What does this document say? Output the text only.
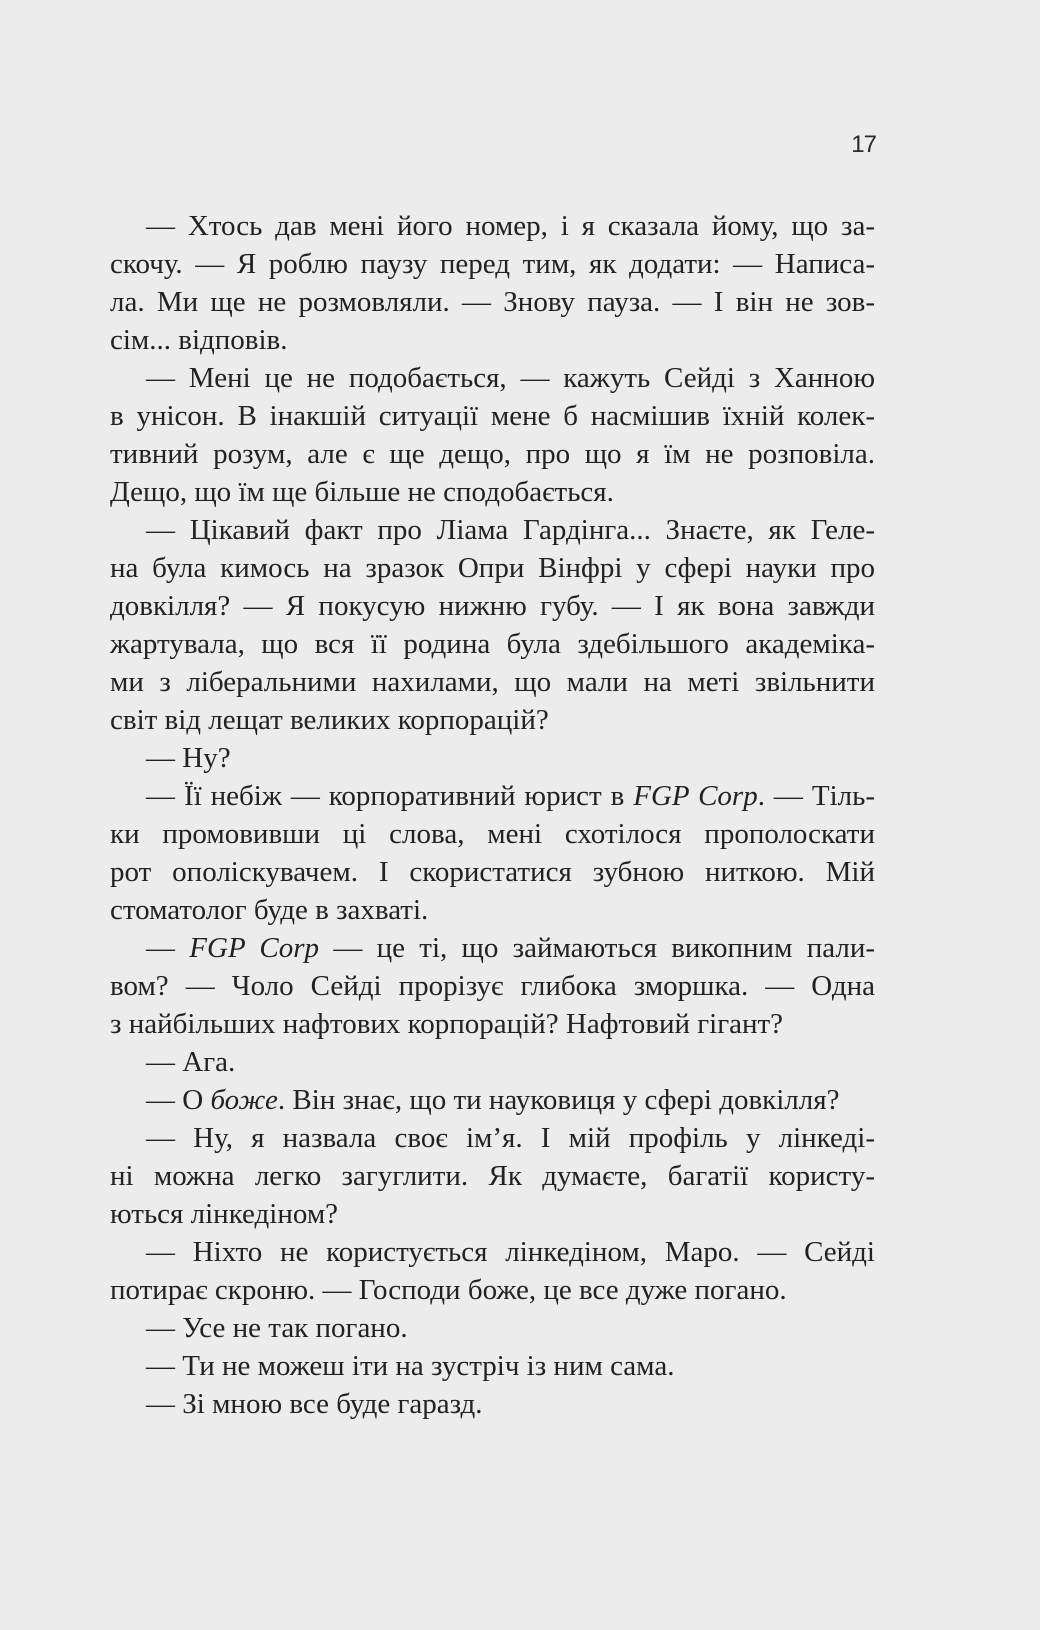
17
— Хтось дав мені його номер, і я сказала йому, що за-
скочу. — Я роблю паузу перед тим, як додати: — Написа-
ла. Ми ще не розмовляли. — Знову пауза. — І він не зов-
сім... відповів.
— Мені це не подобається, — кажуть Сейді з Ханною
в унісон. В інакшій ситуації мене б насмішив їхній колек-
тивний розум, але є ще дещо, про що я їм не розповіла.
Дещо, що їм ще більше не сподобається.
— Цікавий факт про Ліама Гардінга... Знаєте, як Геле-
на була кимось на зразок Опри Вінфрі у сфері науки про
довкілля? — Я покусую нижню губу. — І як вона завжди
жартувала, що вся її родина була здебільшого академіка-
ми з ліберальними нахилами, що мали на меті звільнити
світ від лещат великих корпорацій?
— Ну?
— Її небіж — корпоративний юрист в FGP Corp. — Тіль-
ки промовивши ці слова, мені схотілося прополоскати
рот ополіскувачем. І скористатися зубною ниткою. Мій
стоматолог буде в захваті.
— FGP Corp — це ті, що займаються викопним пали-
вом? — Чоло Сейді прорізує глибока зморшка. — Одна
з найбільших нафтових корпорацій? Нафтовий гігант?
— Ага.
— О боже. Він знає, що ти науковиця у сфері довкілля?
— Ну, я назвала своє ім’я. І мій профіль у лінкеді-
ні можна легко загуглити. Як думаєте, багатії користу-
ються лінкедіном?
— Ніхто не користується лінкедіном, Маро. — Сейді
потирає скроню. — Господи боже, це все дуже погано.
— Усе не так погано.
— Ти не можеш іти на зустріч із ним сама.
— Зі мною все буде гаразд.
